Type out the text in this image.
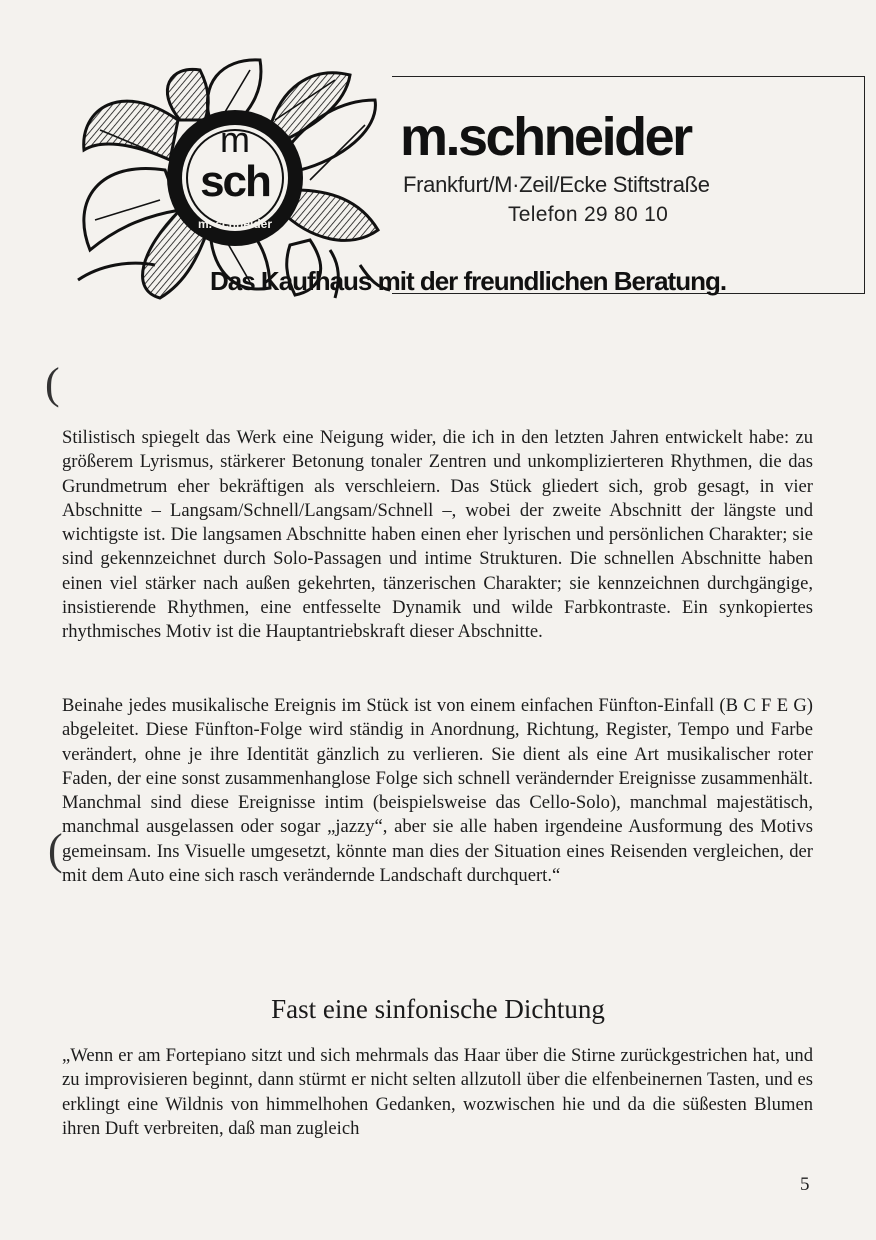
m
sch
m. schneider
m.schneider
Frankfurt/M·Zeil/Ecke Stiftstraße
Telefon 29 80 10
Das Kaufhaus mit der freundlichen Beratung.
(
(

Stilistisch spiegelt das Werk eine Neigung wider, die ich in den letzten Jahren entwickelt habe: zu größerem Lyrismus, stärkerer Betonung tonaler Zentren und unkomplizierteren Rhythmen, die das Grundmetrum eher bekräftigen als verschleiern. Das Stück gliedert sich, grob gesagt, in vier Abschnitte – Langsam/Schnell/Langsam/Schnell –, wobei der zweite Abschnitt der längste und wichtigste ist. Die langsamen Abschnitte haben einen eher lyrischen und persönlichen Charakter; sie sind gekennzeichnet durch Solo-Passagen und intime Strukturen. Die schnellen Abschnitte haben einen viel stärker nach außen gekehrten, tänzerischen Charakter; sie kennzeichnen durchgängige, insistierende Rhythmen, eine entfesselte Dynamik und wilde Farbkontraste. Ein synkopiertes rhythmisches Motiv ist die Hauptantriebskraft dieser Abschnitte.

Beinahe jedes musikalische Ereignis im Stück ist von einem einfachen Fünfton-Einfall (B C F E G) abgeleitet. Diese Fünfton-Folge wird ständig in Anordnung, Richtung, Register, Tempo und Farbe verändert, ohne je ihre Identität gänzlich zu verlieren. Sie dient als eine Art musikalischer roter Faden, der eine sonst zusammenhanglose Folge sich schnell verändernder Ereignisse zusammenhält. Manchmal sind diese Ereignisse intim (beispielsweise das Cello-Solo), manchmal majestätisch, manchmal ausgelassen oder sogar „jazzy“, aber sie alle haben irgendeine Ausformung des Motivs gemeinsam. Ins Visuelle umgesetzt, könnte man dies der Situation eines Reisenden vergleichen, der mit dem Auto eine sich rasch verändernde Landschaft durchquert.“

Fast eine sinfonische Dichtung

„Wenn er am Fortepiano sitzt und sich mehrmals das Haar über die Stirne zurückgestrichen hat, und zu improvisieren beginnt, dann stürmt er nicht selten allzutoll über die elfenbeinernen Tasten, und es erklingt eine Wildnis von himmelhohen Gedanken, wozwischen hie und da die süßesten Blumen ihren Duft verbreiten, daß man zugleich

5
